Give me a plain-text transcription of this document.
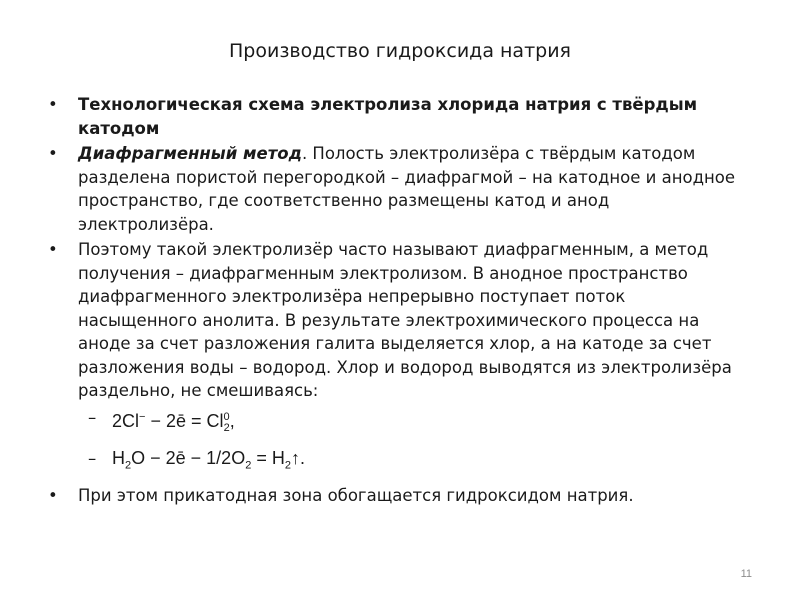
Производство гидроксида натрия
• Технологическая схема электролиза хлорида натрия с твёрдым катодом
• Диафрагменный метод. Полость электролизёра с твёрдым катодом разделена пористой перегородкой – диафрагмой – на катодное и анодное пространство, где соответственно размещены катод и анод электролизёра.
• Поэтому такой электролизёр часто называют диафрагменным, а метод получения – диафрагменным электролизом. В анодное пространство диафрагменного электролизёра непрерывно поступает поток насыщенного анолита. В результате электрохимического процесса на аноде за счет разложения галита выделяется хлор, а на катоде за счет разложения воды – водород. Хлор и водород выводятся из электролизёра раздельно, не смешиваясь:
– 2Cl− − 2ē = $Cl^0_2$,
– $H_2O$ − 2ē − $1/2O_2$ = $H_2↑$.
• При этом прикатодная зона обогащается гидроксидом натрия.
11
